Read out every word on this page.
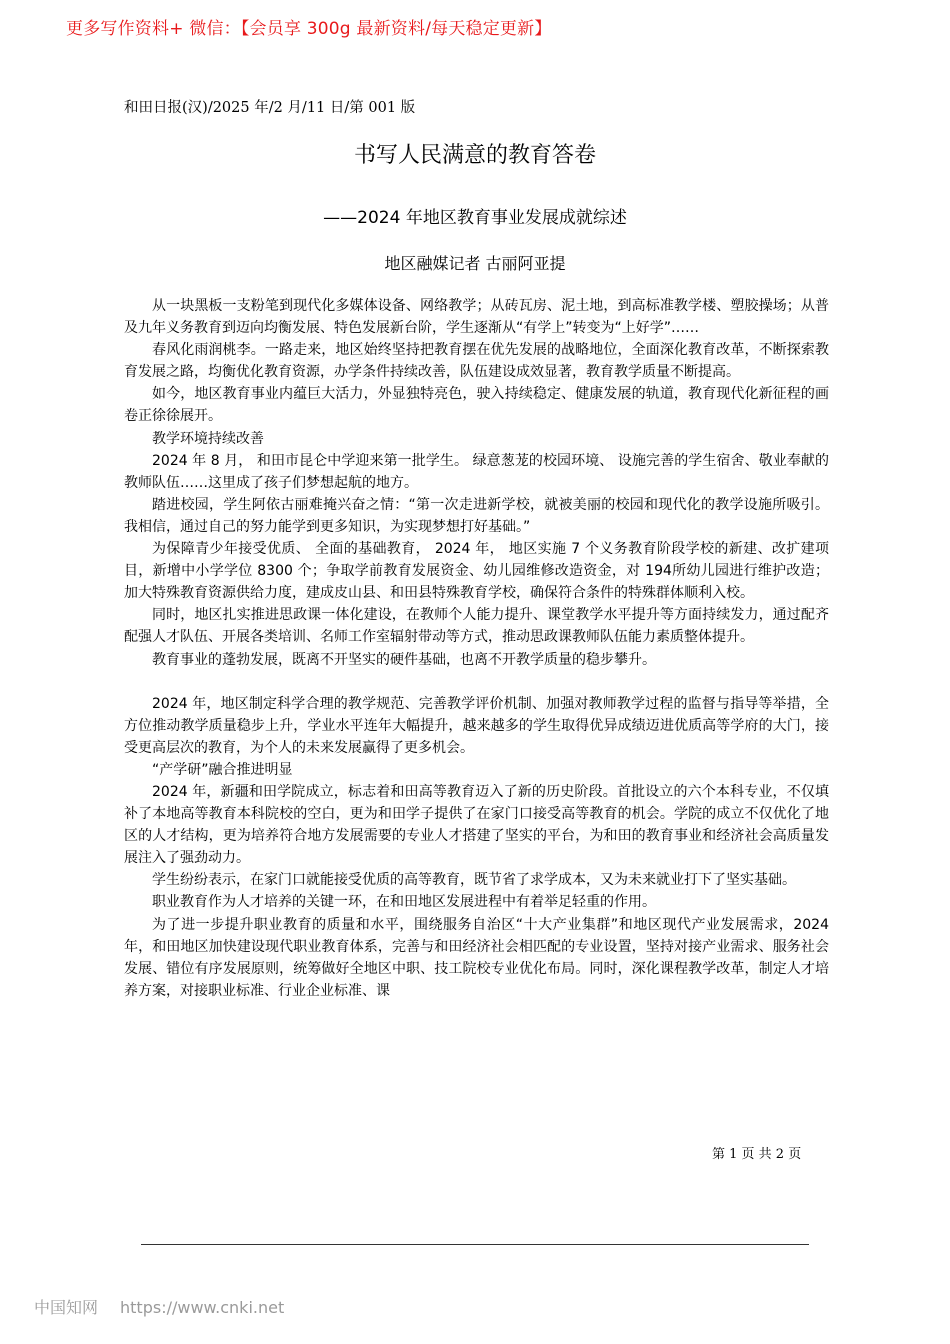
更多写作资料+ 微信：【会员享 300g 最新资料/每天稳定更新】
和田日报(汉)/2025 年/2 月/11 日/第 001 版
书写人民满意的教育答卷
——2024 年地区教育事业发展成就综述
地区融媒记者 古丽阿亚提

从一块黑板一支粉笔到现代化多媒体设备、网络教学；从砖瓦房、泥土地，到高标准教学楼、塑胶操场；从普及九年义务教育到迈向均衡发展、特色发展新台阶，学生逐渐从“有学上”转变为“上好学”……

春风化雨润桃李。一路走来，地区始终坚持把教育摆在优先发展的战略地位，全面深化教育改革，不断探索教育发展之路，均衡优化教育资源，办学条件持续改善，队伍建设成效显著，教育教学质量不断提高。

如今，地区教育事业内蕴巨大活力，外显独特亮色，驶入持续稳定、健康发展的轨道，教育现代化新征程的画卷正徐徐展开。

教学环境持续改善

2024 年 8 月， 和田市昆仑中学迎来第一批学生。 绿意葱茏的校园环境、 设施完善的学生宿舍、敬业奉献的教师队伍……这里成了孩子们梦想起航的地方。

踏进校园，学生阿依古丽难掩兴奋之情：“第一次走进新学校，就被美丽的校园和现代化的教学设施所吸引。我相信，通过自己的努力能学到更多知识，为实现梦想打好基础。”

为保障青少年接受优质、 全面的基础教育， 2024 年， 地区实施 7 个义务教育阶段学校的新建、改扩建项目，新增中小学学位 8300 个；争取学前教育发展资金、幼儿园维修改造资金，对 194所幼儿园进行维护改造；加大特殊教育资源供给力度，建成皮山县、和田县特殊教育学校，确保符合条件的特殊群体顺利入校。

同时，地区扎实推进思政课一体化建设，在教师个人能力提升、课堂教学水平提升等方面持续发力，通过配齐配强人才队伍、开展各类培训、名师工作室辐射带动等方式，推动思政课教师队伍能力素质整体提升。

教育事业的蓬勃发展，既离不开坚实的硬件基础，也离不开教学质量的稳步攀升。

2024 年，地区制定科学合理的教学规范、完善教学评价机制、加强对教师教学过程的监督与指导等举措，全方位推动教学质量稳步上升，学业水平连年大幅提升，越来越多的学生取得优异成绩迈进优质高等学府的大门，接受更高层次的教育，为个人的未来发展赢得了更多机会。

“产学研”融合推进明显

2024 年，新疆和田学院成立，标志着和田高等教育迈入了新的历史阶段。首批设立的六个本科专业，不仅填补了本地高等教育本科院校的空白，更为和田学子提供了在家门口接受高等教育的机会。学院的成立不仅优化了地区的人才结构，更为培养符合地方发展需要的专业人才搭建了坚实的平台，为和田的教育事业和经济社会高质量发展注入了强劲动力。

学生纷纷表示，在家门口就能接受优质的高等教育，既节省了求学成本，又为未来就业打下了坚实基础。

职业教育作为人才培养的关键一环，在和田地区发展进程中有着举足轻重的作用。

为了进一步提升职业教育的质量和水平，围绕服务自治区“十大产业集群”和地区现代产业发展需求，2024 年，和田地区加快建设现代职业教育体系，完善与和田经济社会相匹配的专业设置，坚持对接产业需求、服务社会发展、错位有序发展原则，统筹做好全地区中职、技工院校专业优化布局。同时，深化课程教学改革，制定人才培养方案，对接职业标准、行业企业标准、课

第 1 页 共 2 页
中国知网 https://www.cnki.net
